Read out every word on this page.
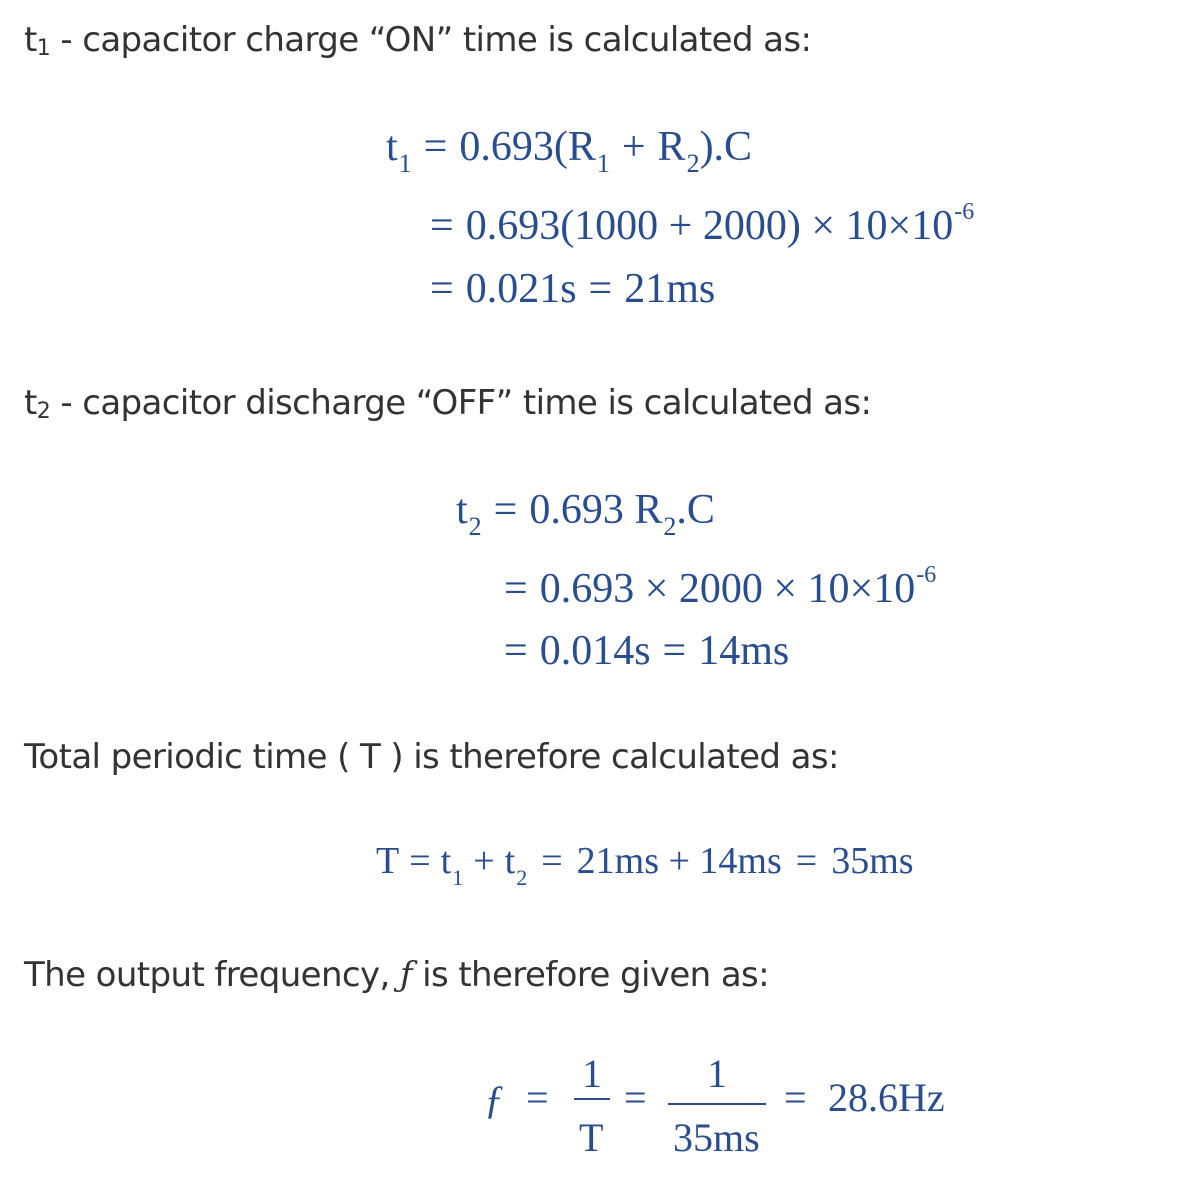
$t_1$ - capacitor charge “ON” time is calculated as:
$t_1 = 0.693(R_1 + R_2).C$
= $0.693(1000 + 2000) \times 10\times 10^{-6}$
= 0.021s = 21ms
$t_2$ - capacitor discharge “OFF” time is calculated as:
$t_2 = 0.693$ $R_2.C$
= $0.693 \times 2000 \times 10\times 10^{-6}$
= 0.014s = 14ms
Total periodic time ( T ) is therefore calculated as:
$T = t_1 + t_2 = 21ms + 14ms = 35ms$
The output frequency, ƒ is therefore given as:
ƒ =
1
T
=
1
35ms
= 28.6Hz
